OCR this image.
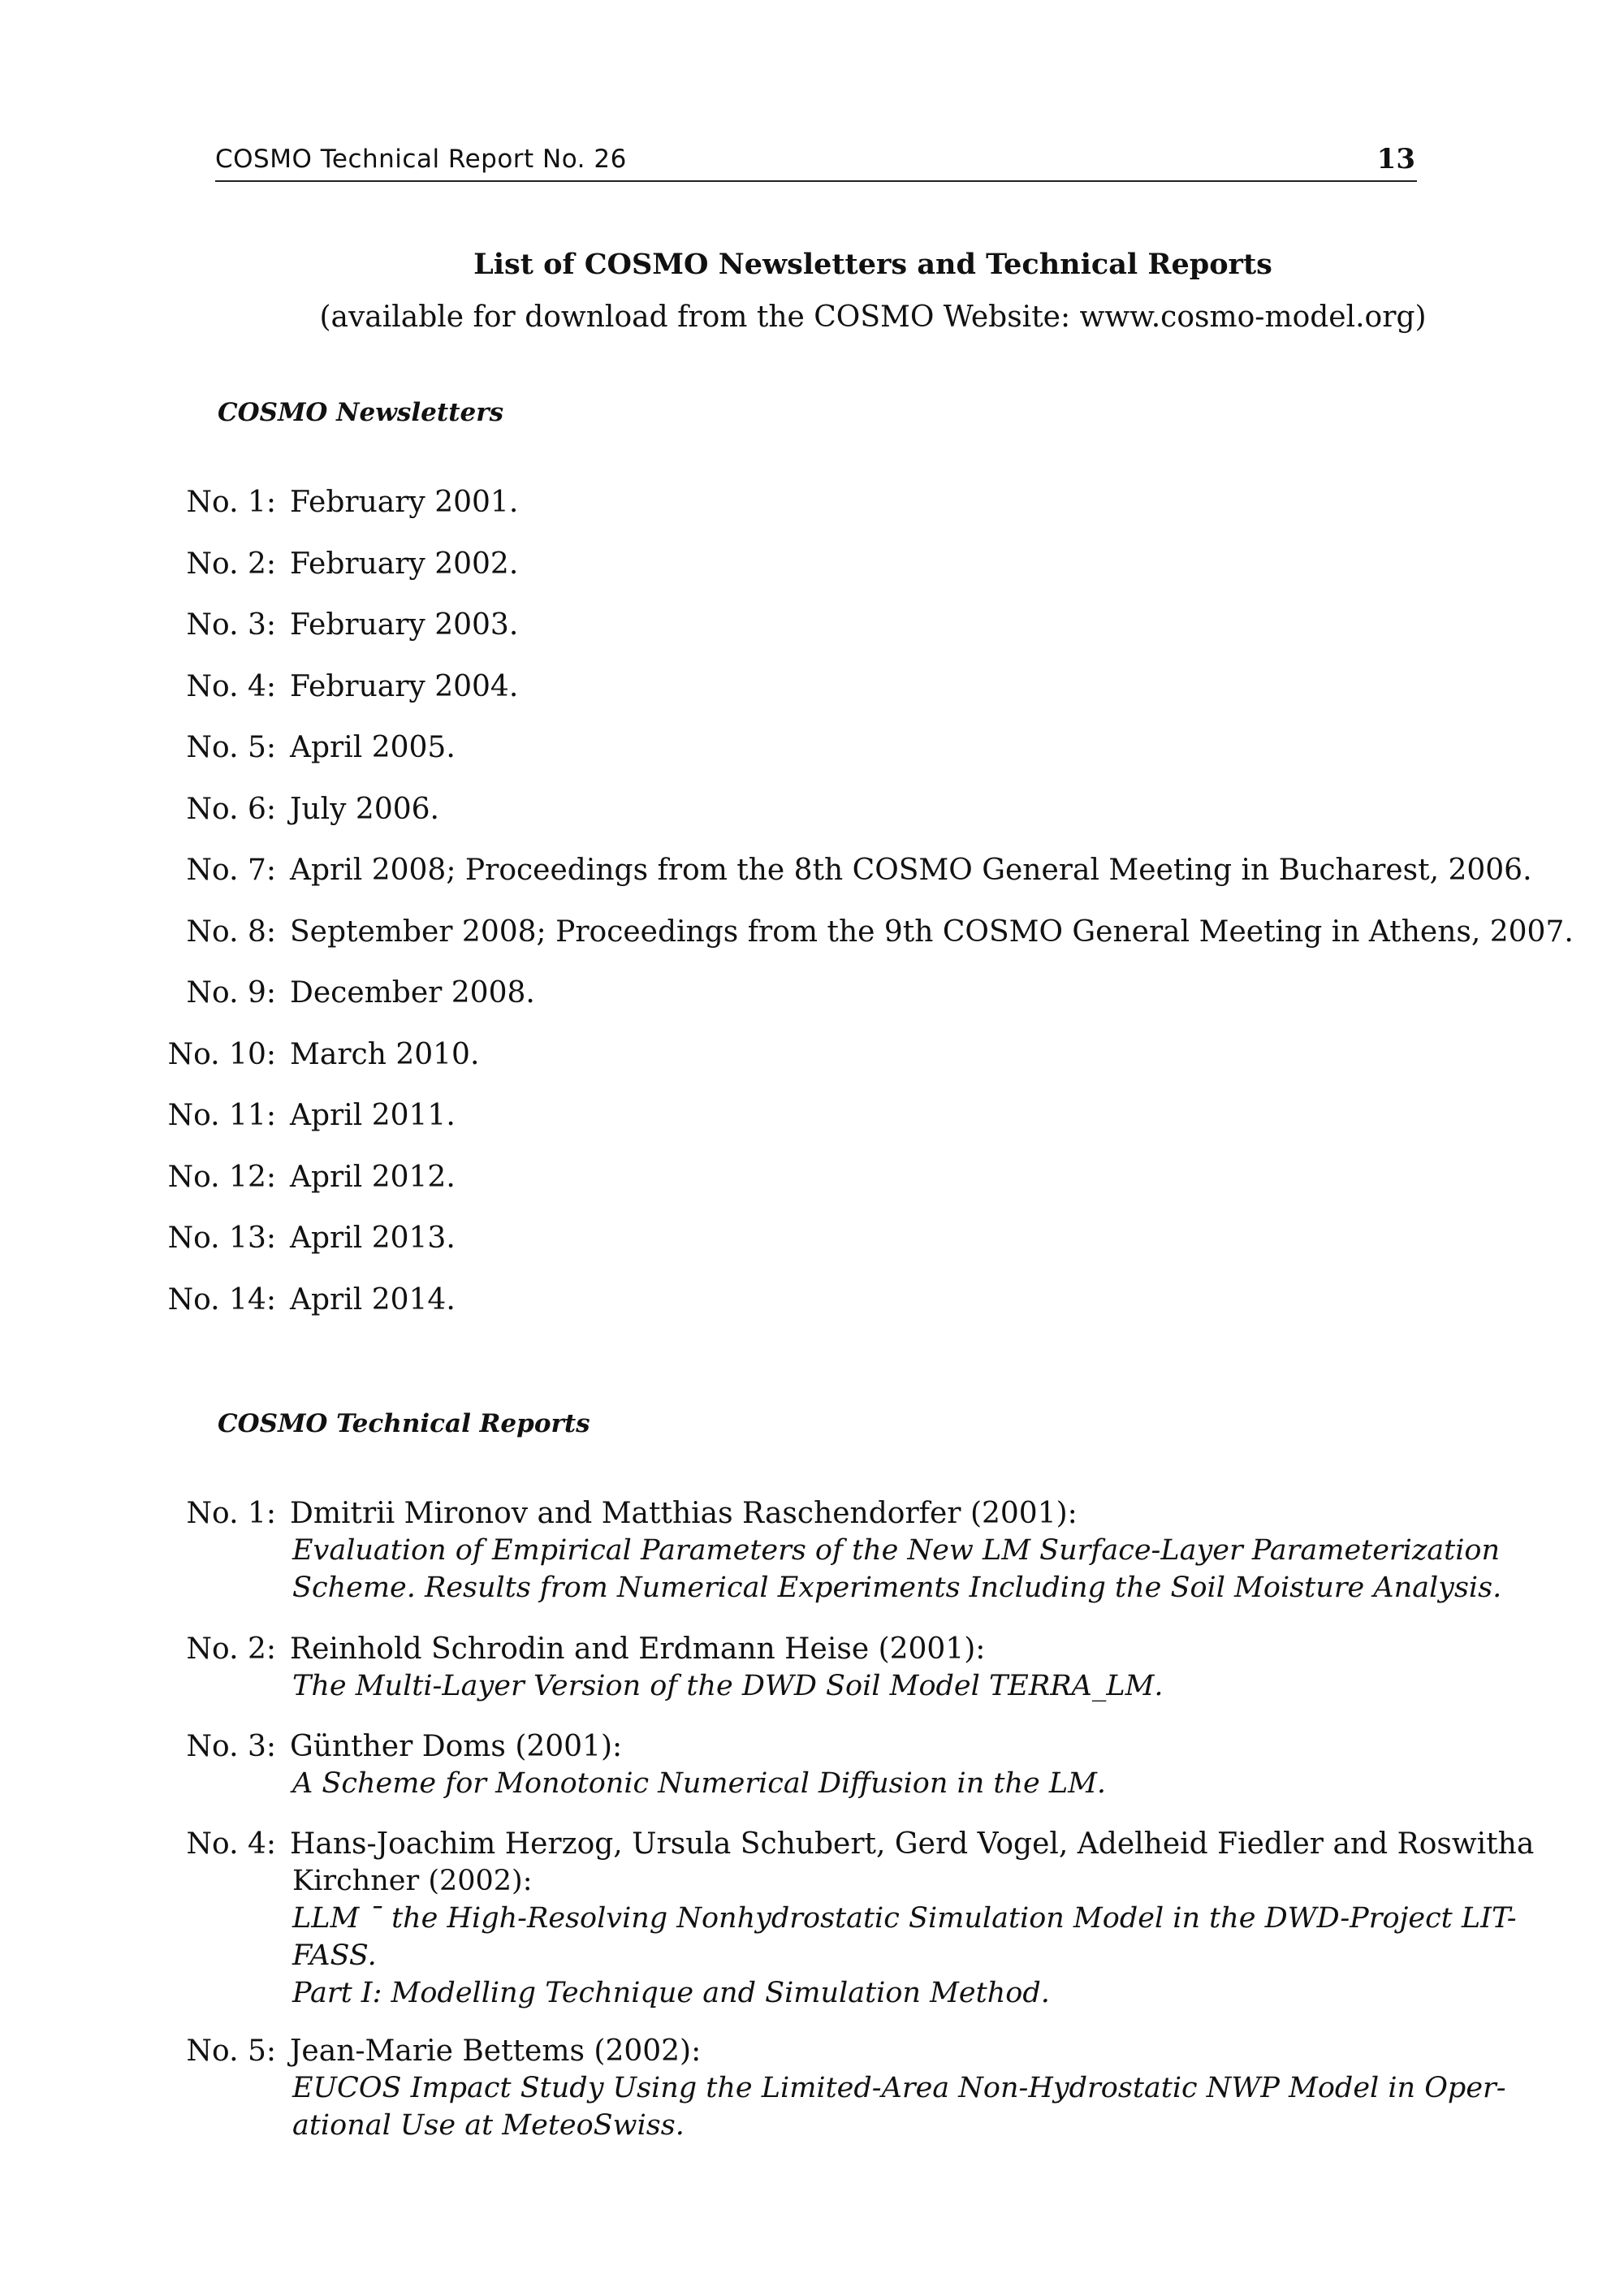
COSMO Technical Report No. 26	13
List of COSMO Newsletters and Technical Reports
(available for download from the COSMO Website: www.cosmo-model.org)
COSMO Newsletters
No. 1: February 2001.
No. 2: February 2002.
No. 3: February 2003.
No. 4: February 2004.
No. 5: April 2005.
No. 6: July 2006.
No. 7: April 2008; Proceedings from the 8th COSMO General Meeting in Bucharest, 2006.
No. 8: September 2008; Proceedings from the 9th COSMO General Meeting in Athens, 2007.
No. 9: December 2008.
No. 10: March 2010.
No. 11: April 2011.
No. 12: April 2012.
No. 13: April 2013.
No. 14: April 2014.
COSMO Technical Reports
No. 1: Dmitrii Mironov and Matthias Raschendorfer (2001):
Evaluation of Empirical Parameters of the New LM Surface-Layer Parameterization
Scheme. Results from Numerical Experiments Including the Soil Moisture Analysis.
No. 2: Reinhold Schrodin and Erdmann Heise (2001):
The Multi-Layer Version of the DWD Soil Model TERRA_LM.
No. 3: Günther Doms (2001):
A Scheme for Monotonic Numerical Diffusion in the LM.
No. 4: Hans-Joachim Herzog, Ursula Schubert, Gerd Vogel, Adelheid Fiedler and Roswitha
Kirchner (2002):
LLM ¯ the High-Resolving Nonhydrostatic Simulation Model in the DWD-Project LIT-
FASS.
Part I: Modelling Technique and Simulation Method.
No. 5: Jean-Marie Bettems (2002):
EUCOS Impact Study Using the Limited-Area Non-Hydrostatic NWP Model in Oper-
ational Use at MeteoSwiss.
